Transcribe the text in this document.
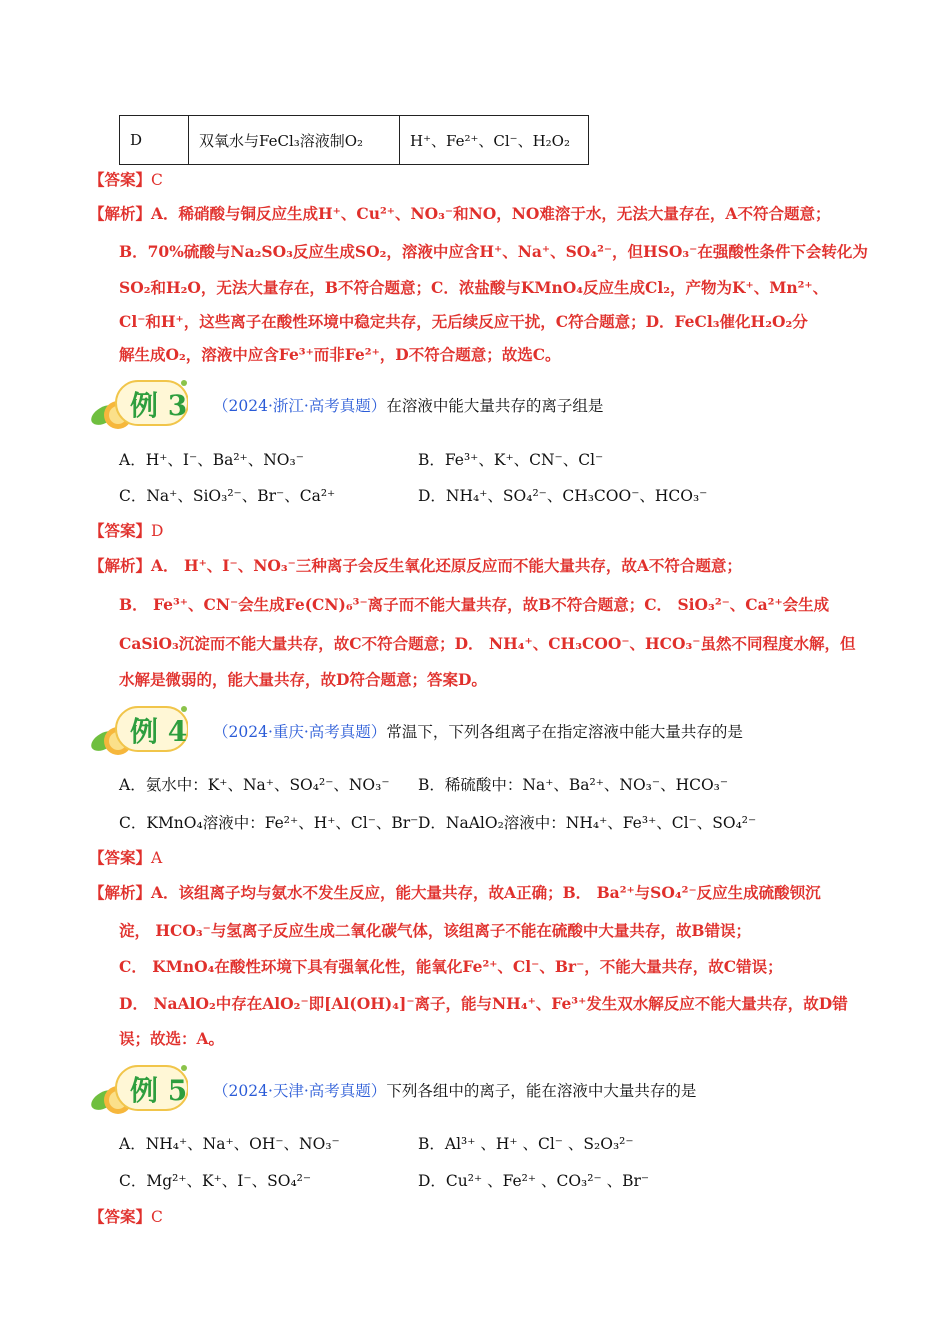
D	双氧水与FeCl₃溶液制O₂	H⁺、Fe²⁺、Cl⁻、H₂O₂
【答案】C
【解析】A．稀硝酸与铜反应生成H⁺、Cu²⁺、NO₃⁻和NO，NO难溶于水，无法大量存在，A不符合题意；
B．70%硫酸与Na₂SO₃反应生成SO₂，溶液中应含H⁺、Na⁺、SO₄²⁻，但HSO₃⁻在强酸性条件下会转化为
SO₂和H₂O，无法大量存在，B不符合题意；C．浓盐酸与KMnO₄反应生成Cl₂，产物为K⁺、Mn²⁺、
Cl⁻和H⁺，这些离子在酸性环境中稳定共存，无后续反应干扰，C符合题意；D．FeCl₃催化H₂O₂分
解生成O₂，溶液中应含Fe³⁺而非Fe²⁺，D不符合题意；故选C。
例 3 （2024·浙江·高考真题）在溶液中能大量共存的离子组是
A．H⁺、I⁻、Ba²⁺、NO₃⁻	B．Fe³⁺、K⁺、CN⁻、Cl⁻
C．Na⁺、SiO₃²⁻、Br⁻、Ca²⁺	D．NH₄⁺、SO₄²⁻、CH₃COO⁻、HCO₃⁻
【答案】D
【解析】A． H⁺、I⁻、NO₃⁻三种离子会反生氧化还原反应而不能大量共存，故A不符合题意；
B． Fe³⁺、CN⁻会生成Fe(CN)₆³⁻离子而不能大量共存，故B不符合题意；C． SiO₃²⁻、Ca²⁺会生成
CaSiO₃沉淀而不能大量共存，故C不符合题意；D． NH₄⁺、CH₃COO⁻、HCO₃⁻虽然不同程度水解，但
水解是微弱的，能大量共存，故D符合题意；答案D。
例 4 （2024·重庆·高考真题）常温下，下列各组离子在指定溶液中能大量共存的是
A．氨水中：K⁺、Na⁺、SO₄²⁻、NO₃⁻ B．稀硫酸中：Na⁺、Ba²⁺、NO₃⁻、HCO₃⁻
C．KMnO₄溶液中：Fe²⁺、H⁺、Cl⁻、Br⁻ D．NaAlO₂溶液中：NH₄⁺、Fe³⁺、Cl⁻、SO₄²⁻
【答案】A
【解析】A．该组离子均与氨水不发生反应，能大量共存，故A正确；B． Ba²⁺与SO₄²⁻反应生成硫酸钡沉
淀， HCO₃⁻与氢离子反应生成二氧化碳气体，该组离子不能在硫酸中大量共存，故B错误；
C． KMnO₄在酸性环境下具有强氧化性，能氧化Fe²⁺、Cl⁻、Br⁻，不能大量共存，故C错误；
D． NaAlO₂中存在AlO₂⁻即[Al(OH)₄]⁻离子，能与NH₄⁺、Fe³⁺发生双水解反应不能大量共存，故D错
误；故选：A。
例 5 （2024·天津·高考真题）下列各组中的离子，能在溶液中大量共存的是
A．NH₄⁺、Na⁺、OH⁻、NO₃⁻	B．Al³⁺ 、H⁺ 、Cl⁻ 、S₂O₃²⁻
C．Mg²⁺、K⁺、I⁻、SO₄²⁻	D．Cu²⁺ 、Fe²⁺ 、CO₃²⁻ 、Br⁻
【答案】C
